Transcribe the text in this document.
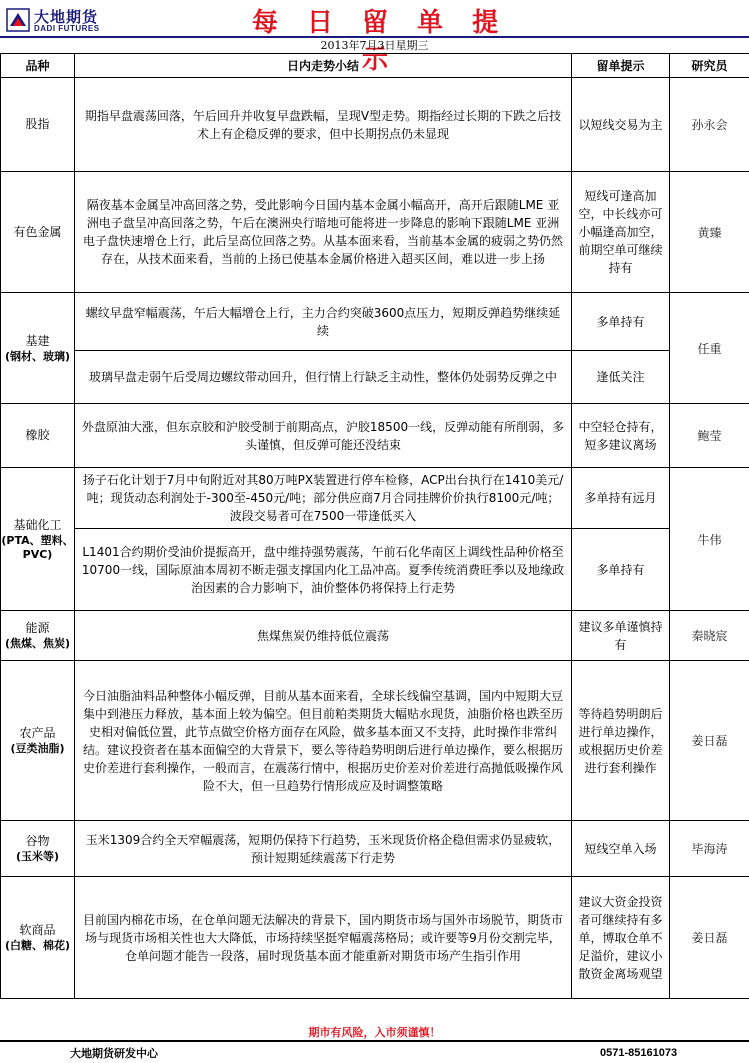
大地期货
DADI FUTURES	每 日 留 单 提 示
2013年7月3日星期三
品种	日内走势小结	留单提示	研究员
股指	期指早盘震荡回落，午后回升并收复早盘跌幅，呈现V型走势。期指经过长期的下跌之后技术上有企稳反弹的要求，但中长期拐点仍未显现	以短线交易为主	孙永会
有色金属	隔夜基本金属呈冲高回落之势，受此影响今日国内基本金属小幅高开，高开后跟随LME 亚洲电子盘呈冲高回落之势，午后在澳洲央行暗地可能将进一步降息的影响下跟随LME 亚洲电子盘快速增仓上行，此后呈高位回落之势。从基本面来看，当前基本金属的疲弱之势仍然存在，从技术面来看，当前的上扬已使基本金属价格进入超买区间，难以进一步上扬	短线可逢高加空，中长线亦可小幅逢高加空，前期空单可继续持有	黄臻
基建
(钢材、玻璃)	螺纹早盘窄幅震荡，午后大幅增仓上行，主力合约突破3600点压力，短期反弹趋势继续延续	多单持有	任重
	玻璃早盘走弱午后受周边螺纹带动回升，但行情上行缺乏主动性，整体仍处弱势反弹之中	逢低关注	
橡胶	外盘原油大涨，但东京胶和沪胶受制于前期高点，沪胶18500一线，反弹动能有所削弱，多头谨慎，但反弹可能还没结束	中空轻仓持有，短多建议离场	鲍莹
基础化工
(PTA、塑料、PVC)	扬子石化计划于7月中旬附近对其80万吨PX装置进行停车检修，ACP出台执行在1410美元/吨；现货动态利润处于-300至-450元/吨；部分供应商7月合同挂牌价价执行8100元/吨；波段交易者可在7500一带逢低买入	多单持有远月	牛伟
	L1401合约期价受油价提振高开，盘中维持强势震荡，午前石化华南区上调线性品种价格至10700一线，国际原油本周初不断走强支撑国内化工品冲高。夏季传统消费旺季以及地缘政治因素的合力影响下，油价整体仍将保持上行走势	多单持有	
能源
(焦煤、焦炭)	焦煤焦炭仍维持低位震荡	建议多单谨慎持有	秦晓宸
农产品
(豆类油脂)	今日油脂油料品种整体小幅反弹，目前从基本面来看，全球长线偏空基调，国内中短期大豆集中到港压力释放，基本面上较为偏空。但目前粕类期货大幅贴水现货，油脂价格也跌至历史相对偏低位置，此节点做空价格方面存在风险，做多基本面又不支持，此时操作非常纠结。建议投资者在基本面偏空的大背景下，要么等待趋势明朗后进行单边操作，要么根据历史价差进行套利操作，一般而言，在震荡行情中，根据历史价差对价差进行高抛低吸操作风险不大，但一旦趋势行情形成应及时调整策略	等待趋势明朗后进行单边操作，或根据历史价差进行套利操作	姜日磊
谷物
(玉米等)	玉米1309合约全天窄幅震荡，短期仍保持下行趋势，玉米现货价格企稳但需求仍显疲软，预计短期延续震荡下行走势	短线空单入场	毕海涛
软商品
(白糖、棉花)	目前国内棉花市场，在仓单问题无法解决的背景下，国内期货市场与国外市场脱节，期货市场与现货市场相关性也大大降低，市场持续坚挺窄幅震荡格局；或许要等9月份交割完毕，仓单问题才能告一段落，届时现货基本面才能重新对期货市场产生指引作用	建议大资金投资者可继续持有多单，博取仓单不足溢价，建议小散资金离场观望	姜日磊
期市有风险，入市须谨慎！
大地期货研发中心	0571-85161073
